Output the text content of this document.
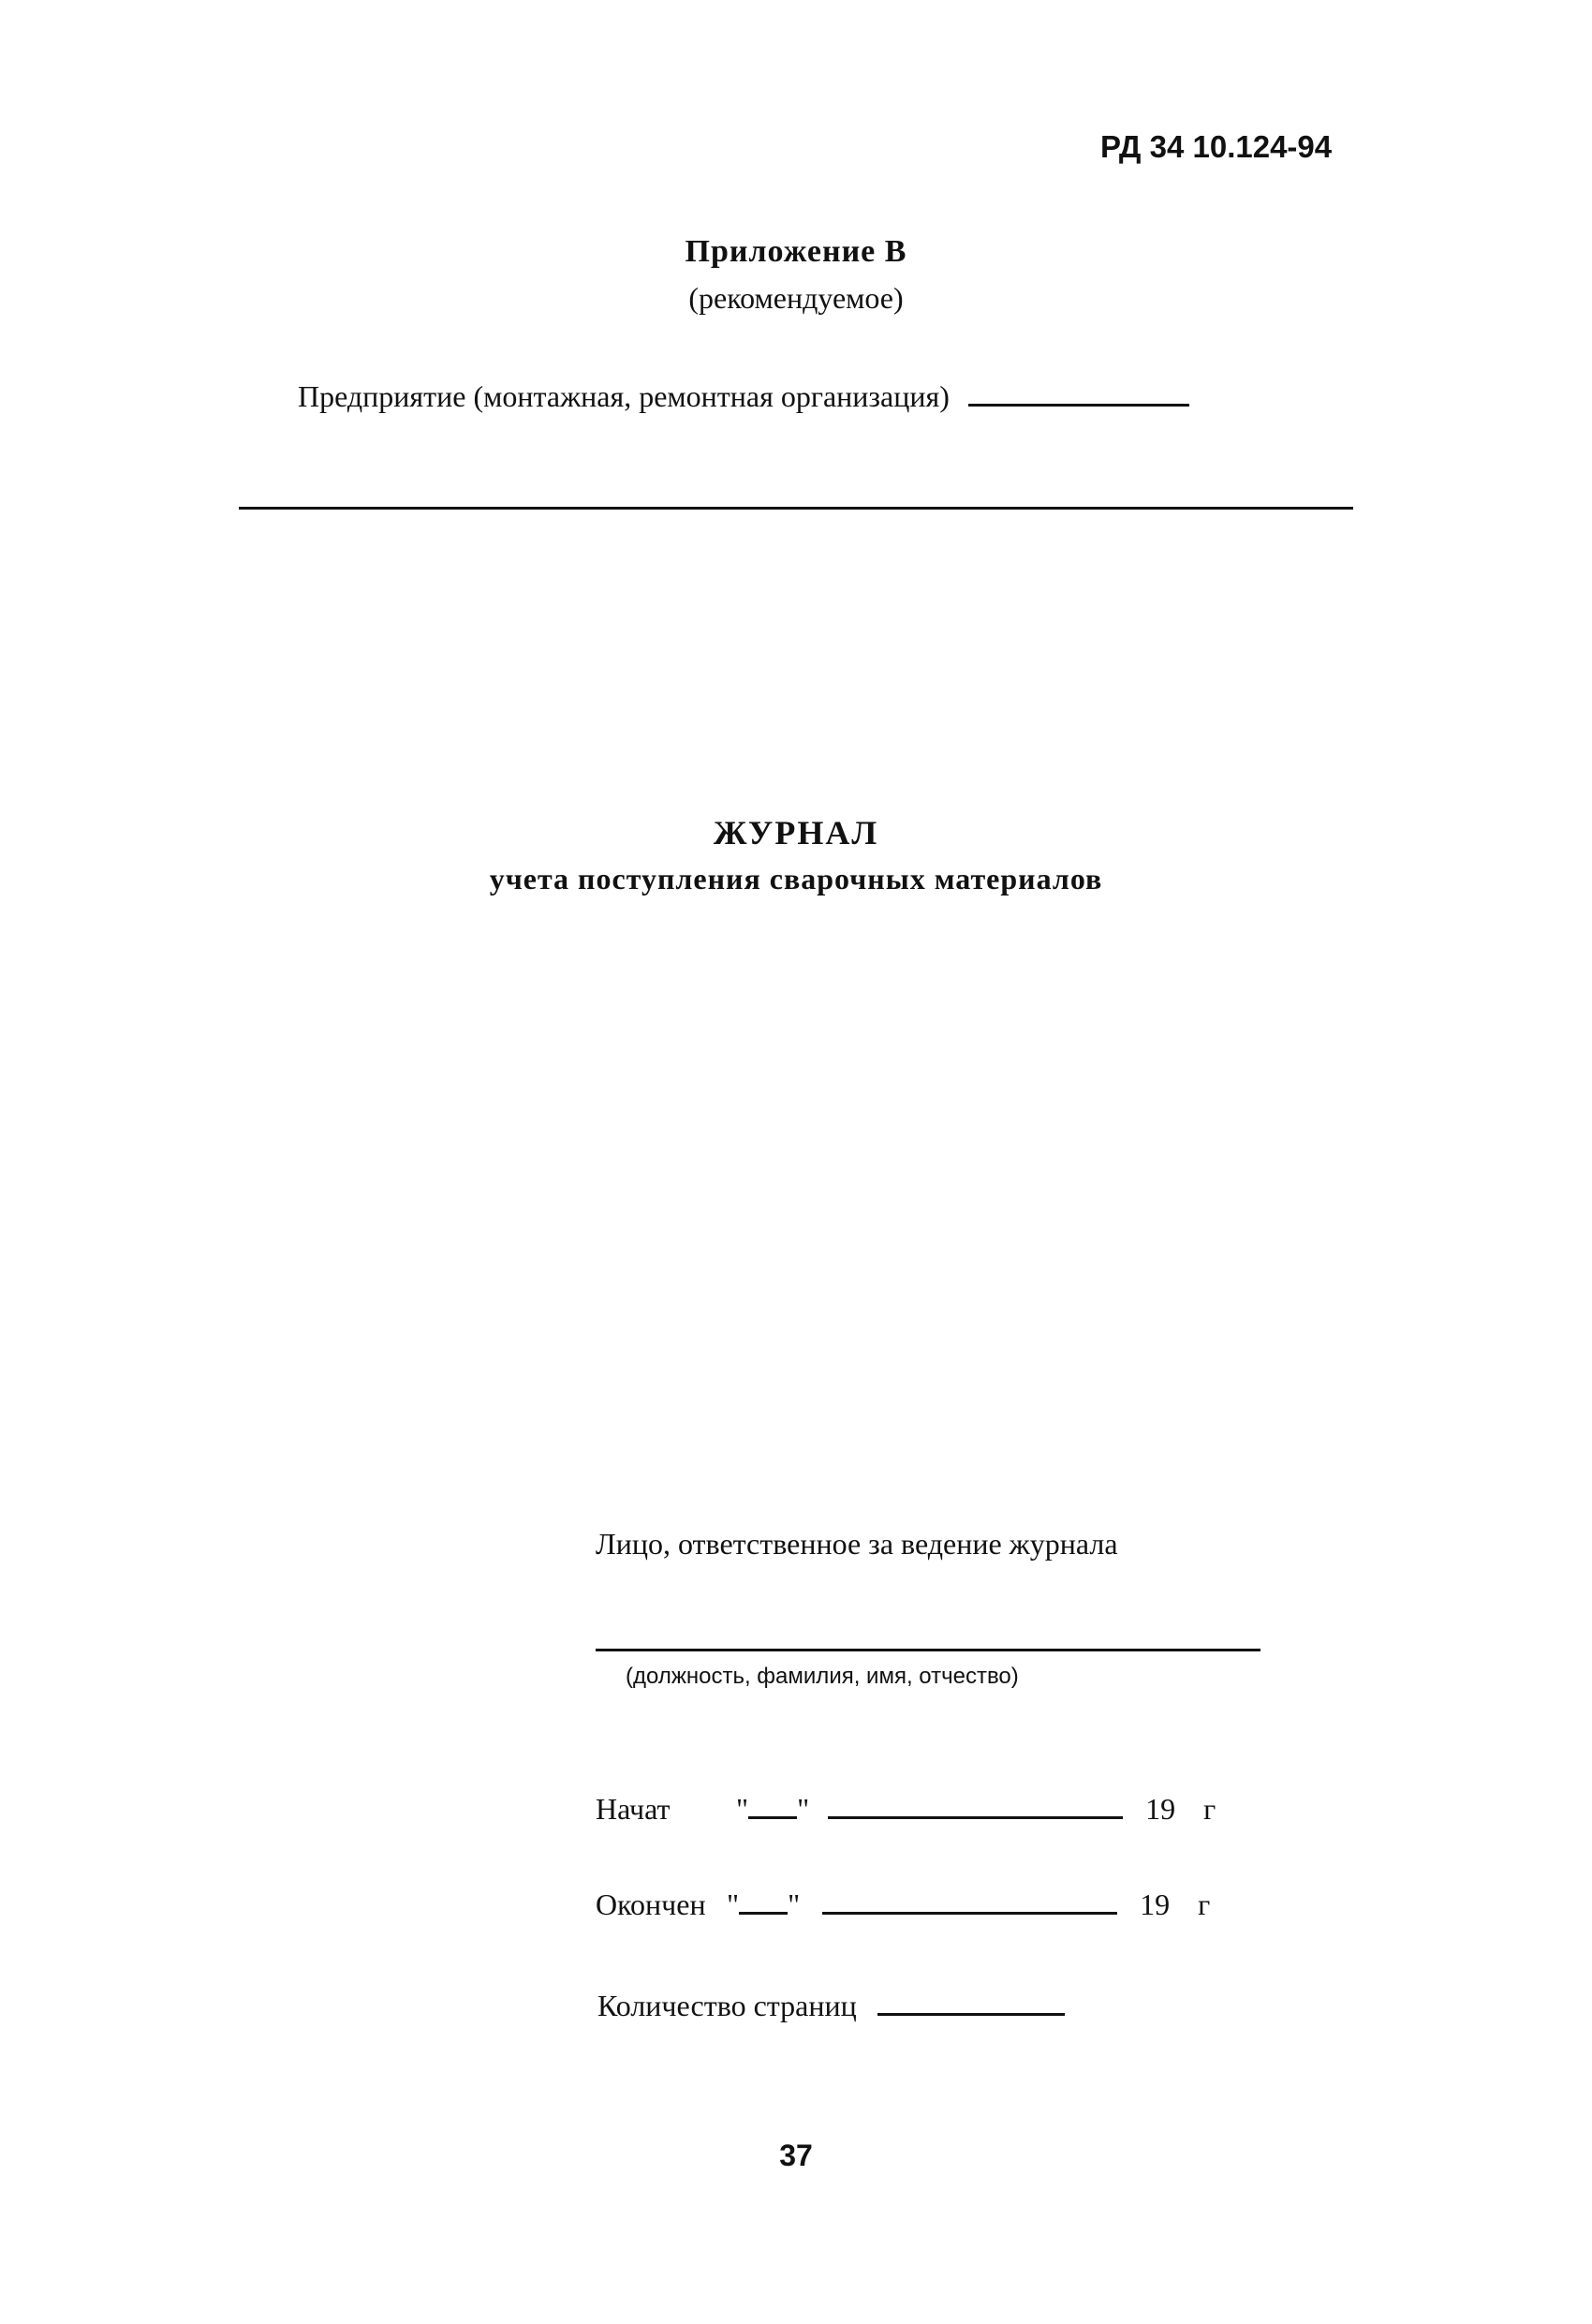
РД 34 10.124-94
Приложение В
(рекомендуемое)
Предприятие (монтажная, ремонтная организация)
ЖУРНАЛ
учета поступления сварочных материалов
Лицо, ответственное за ведение журнала
(должность, фамилия, имя, отчество)
Начат " "	19 г
Окончен " "	19 г
Количество страниц
37
